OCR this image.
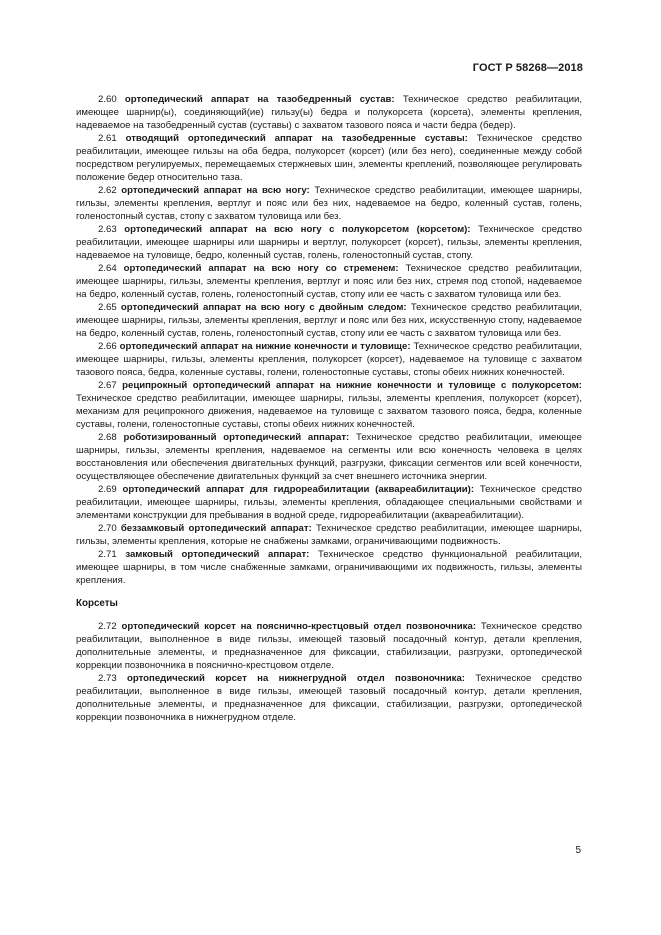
ГОСТ Р 58268—2018

2.60 ортопедический аппарат на тазобедренный сустав: Техническое средство реабилитации, имеющее шарнир(ы), соединяющий(ие) гильзу(ы) бедра и полукорсета (корсета), элементы крепления, надеваемое на тазобедренный сустав (суставы) с захватом тазового пояса и части бедра (бедер).

2.61 отводящий ортопедический аппарат на тазобедренные суставы: Техническое средство реабилитации, имеющее гильзы на оба бедра, полукорсет (корсет) (или без него), соединенные между собой посредством регулируемых, перемещаемых стержневых шин, элементы креплений, позволяющее регулировать положение бедер относительно таза.

2.62 ортопедический аппарат на всю ногу: Техническое средство реабилитации, имеющее шарниры, гильзы, элементы крепления, вертлуг и пояс или без них, надеваемое на бедро, коленный сустав, голень, голеностопный сустав, стопу с захватом туловища или без.

2.63 ортопедический аппарат на всю ногу с полукорсетом (корсетом): Техническое средство реабилитации, имеющее шарниры или шарниры и вертлуг, полукорсет (корсет), гильзы, элементы крепления, надеваемое на туловище, бедро, коленный сустав, голень, голеностопный сустав, стопу.

2.64 ортопедический аппарат на всю ногу со стременем: Техническое средство реабилитации, имеющее шарниры, гильзы, элементы крепления, вертлуг и пояс или без них, стремя под стопой, надеваемое на бедро, коленный сустав, голень, голеностопный сустав, стопу или ее часть с захватом туловища или без.

2.65 ортопедический аппарат на всю ногу с двойным следом: Техническое средство реабилитации, имеющее шарниры, гильзы, элементы крепления, вертлуг и пояс или без них, искусственную стопу, надеваемое на бедро, коленный сустав, голень, голеностопный сустав, стопу или ее часть с захватом туловища или без.

2.66 ортопедический аппарат на нижние конечности и туловище: Техническое средство реабилитации, имеющее шарниры, гильзы, элементы крепления, полукорсет (корсет), надеваемое на туловище с захватом тазового пояса, бедра, коленные суставы, голени, голеностопные суставы, стопы обеих нижних конечностей.

2.67 реципрокный ортопедический аппарат на нижние конечности и туловище с полукорсетом: Техническое средство реабилитации, имеющее шарниры, гильзы, элементы крепления, полукорсет (корсет), механизм для реципрокного движения, надеваемое на туловище с захватом тазового пояса, бедра, коленные суставы, голени, голеностопные суставы, стопы обеих нижних конечностей.

2.68 роботизированный ортопедический аппарат: Техническое средство реабилитации, имеющее шарниры, гильзы, элементы крепления, надеваемое на сегменты или всю конечность человека в целях восстановления или обеспечения двигательных функций, разгрузки, фиксации сегментов или всей конечности, осуществляющее обеспечение двигательных функций за счет внешнего источника энергии.

2.69 ортопедический аппарат для гидрореабилитации (аквареабилитации): Техническое средство реабилитации, имеющее шарниры, гильзы, элементы крепления, обладающее специальными свойствами и элементами конструкции для пребывания в водной среде, гидрореабилитации (аквареабилитации).

2.70 беззамковый ортопедический аппарат: Техническое средство реабилитации, имеющее шарниры, гильзы, элементы крепления, которые не снабжены замками, ограничивающими подвижность.

2.71 замковый ортопедический аппарат: Техническое средство функциональной реабилитации, имеющее шарниры, в том числе снабженные замками, ограничивающими их подвижность, гильзы, элементы крепления.

Корсеты

2.72 ортопедический корсет на пояснично-крестцовый отдел позвоночника: Техническое средство реабилитации, выполненное в виде гильзы, имеющей тазовый посадочный контур, детали крепления, дополнительные элементы, и предназначенное для фиксации, стабилизации, разгрузки, ортопедической коррекции позвоночника в пояснично-крестцовом отделе.

2.73 ортопедический корсет на нижнегрудной отдел позвоночника: Техническое средство реабилитации, выполненное в виде гильзы, имеющей тазовый посадочный контур, детали крепления, дополнительные элементы, и предназначенное для фиксации, стабилизации, разгрузки, ортопедической коррекции позвоночника в нижнегрудном отделе.

5
